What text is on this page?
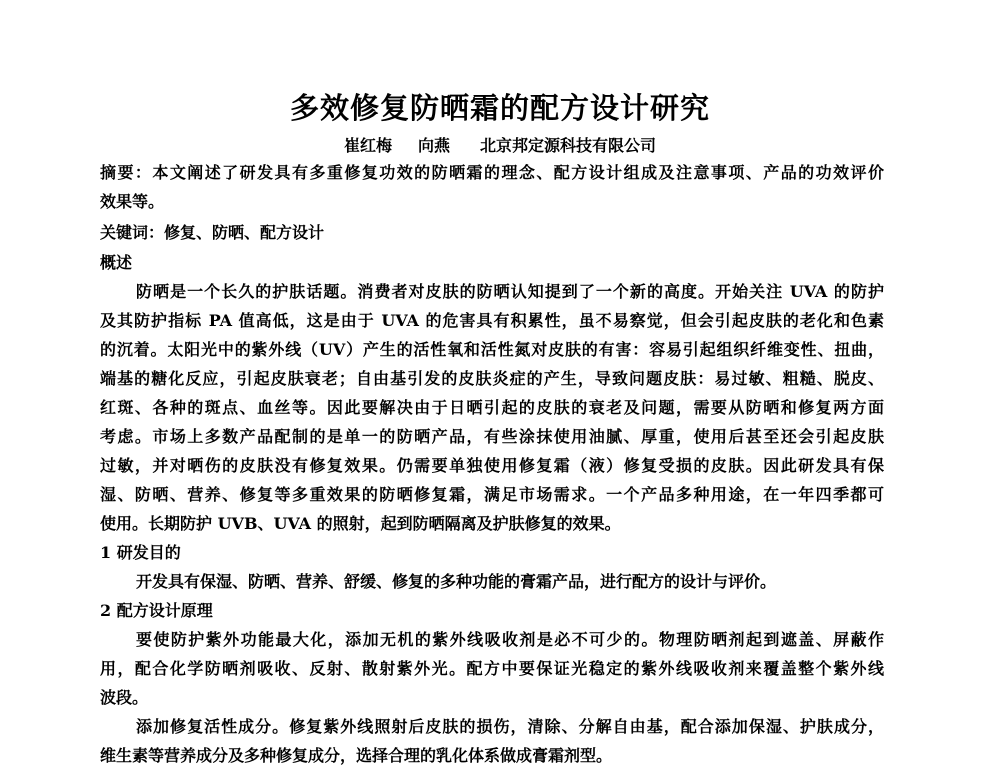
多效修复防晒霜的配方设计研究
崔红梅 向燕 北京邦定源科技有限公司
摘要：本文阐述了研发具有多重修复功效的防晒霜的理念、配方设计组成及注意事项、产品的功效评价
效果等。
关键词：修复、防晒、配方设计
概述
防晒是一个长久的护肤话题。消费者对皮肤的防晒认知提到了一个新的高度。开始关注 UVA 的防护
及其防护指标 PA 值高低，这是由于 UVA 的危害具有积累性，虽不易察觉，但会引起皮肤的老化和色素
的沉着。太阳光中的紫外线（UV）产生的活性氧和活性氮对皮肤的有害：容易引起组织纤维变性、扭曲，
端基的糖化反应，引起皮肤衰老；自由基引发的皮肤炎症的产生，导致问题皮肤：易过敏、粗糙、脱皮、
红斑、各种的斑点、血丝等。因此要解决由于日晒引起的皮肤的衰老及问题，需要从防晒和修复两方面
考虑。市场上多数产品配制的是单一的防晒产品，有些涂抹使用油腻、厚重，使用后甚至还会引起皮肤
过敏，并对晒伤的皮肤没有修复效果。仍需要单独使用修复霜（液）修复受损的皮肤。因此研发具有保
湿、防晒、营养、修复等多重效果的防晒修复霜，满足市场需求。一个产品多种用途，在一年四季都可
使用。长期防护 UVB、UVA 的照射，起到防晒隔离及护肤修复的效果。
1 研发目的
开发具有保湿、防晒、营养、舒缓、修复的多种功能的膏霜产品，进行配方的设计与评价。
2 配方设计原理
要使防护紫外功能最大化，添加无机的紫外线吸收剂是必不可少的。物理防晒剂起到遮盖、屏蔽作
用，配合化学防晒剂吸收、反射、散射紫外光。配方中要保证光稳定的紫外线吸收剂来覆盖整个紫外线
波段。
添加修复活性成分。修复紫外线照射后皮肤的损伤，清除、分解自由基，配合添加保湿、护肤成分，
维生素等营养成分及多种修复成分，选择合理的乳化体系做成膏霜剂型。
